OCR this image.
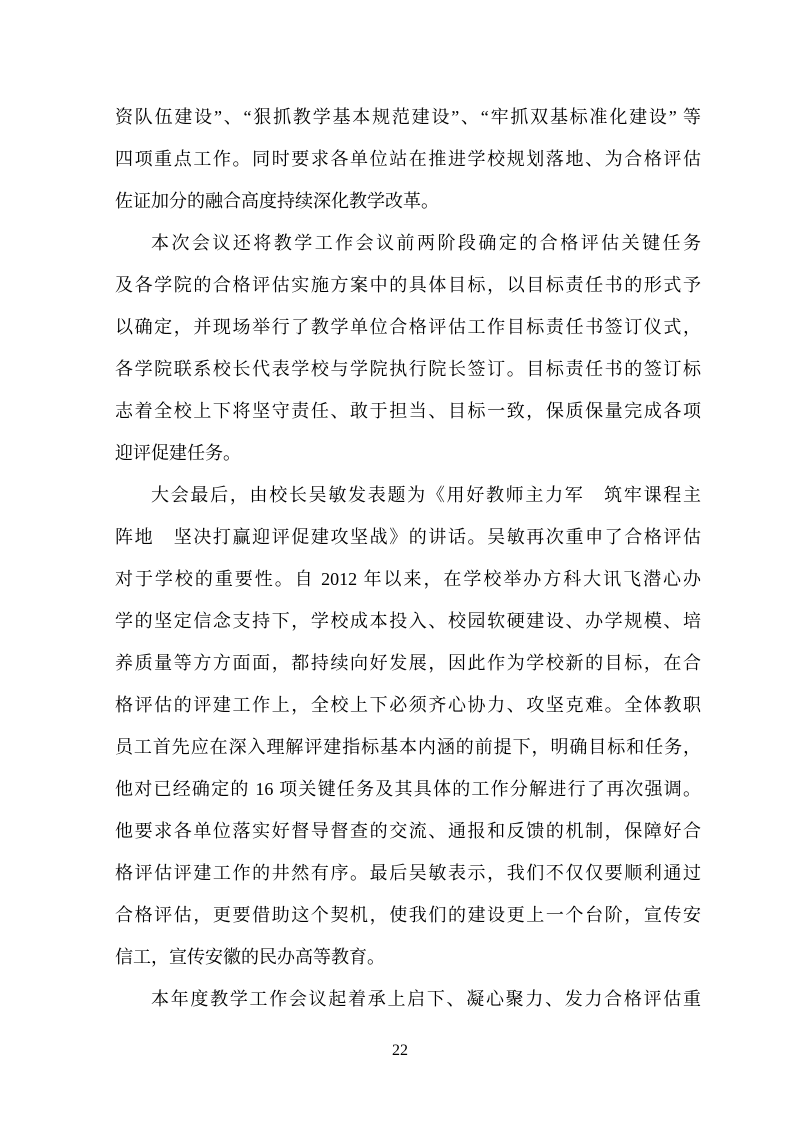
资队伍建设”、“狠抓教学基本规范建设”、“牢抓双基标准化建设” 等
四项重点工作。同时要求各单位站在推进学校规划落地、为合格评估
佐证加分的融合高度持续深化教学改革。
本次会议还将教学工作会议前两阶段确定的合格评估关键任务
及各学院的合格评估实施方案中的具体目标，以目标责任书的形式予
以确定，并现场举行了教学单位合格评估工作目标责任书签订仪式，
各学院联系校长代表学校与学院执行院长签订。目标责任书的签订标
志着全校上下将坚守责任、敢于担当、目标一致，保质保量完成各项
迎评促建任务。
大会最后，由校长吴敏发表题为《用好教师主力军　筑牢课程主
阵地　坚决打赢迎评促建攻坚战》的讲话。吴敏再次重申了合格评估
对于学校的重要性。自 2012 年以来，在学校举办方科大讯飞潜心办
学的坚定信念支持下，学校成本投入、校园软硬建设、办学规模、培
养质量等方方面面，都持续向好发展，因此作为学校新的目标，在合
格评估的评建工作上，全校上下必须齐心协力、攻坚克难。全体教职
员工首先应在深入理解评建指标基本内涵的前提下，明确目标和任务，
他对已经确定的 16 项关键任务及其具体的工作分解进行了再次强调。
他要求各单位落实好督导督查的交流、通报和反馈的机制，保障好合
格评估评建工作的井然有序。最后吴敏表示，我们不仅仅要顺利通过
合格评估，更要借助这个契机，使我们的建设更上一个台阶，宣传安
信工，宣传安徽的民办高等教育。
本年度教学工作会议起着承上启下、凝心聚力、发力合格评估重
22
